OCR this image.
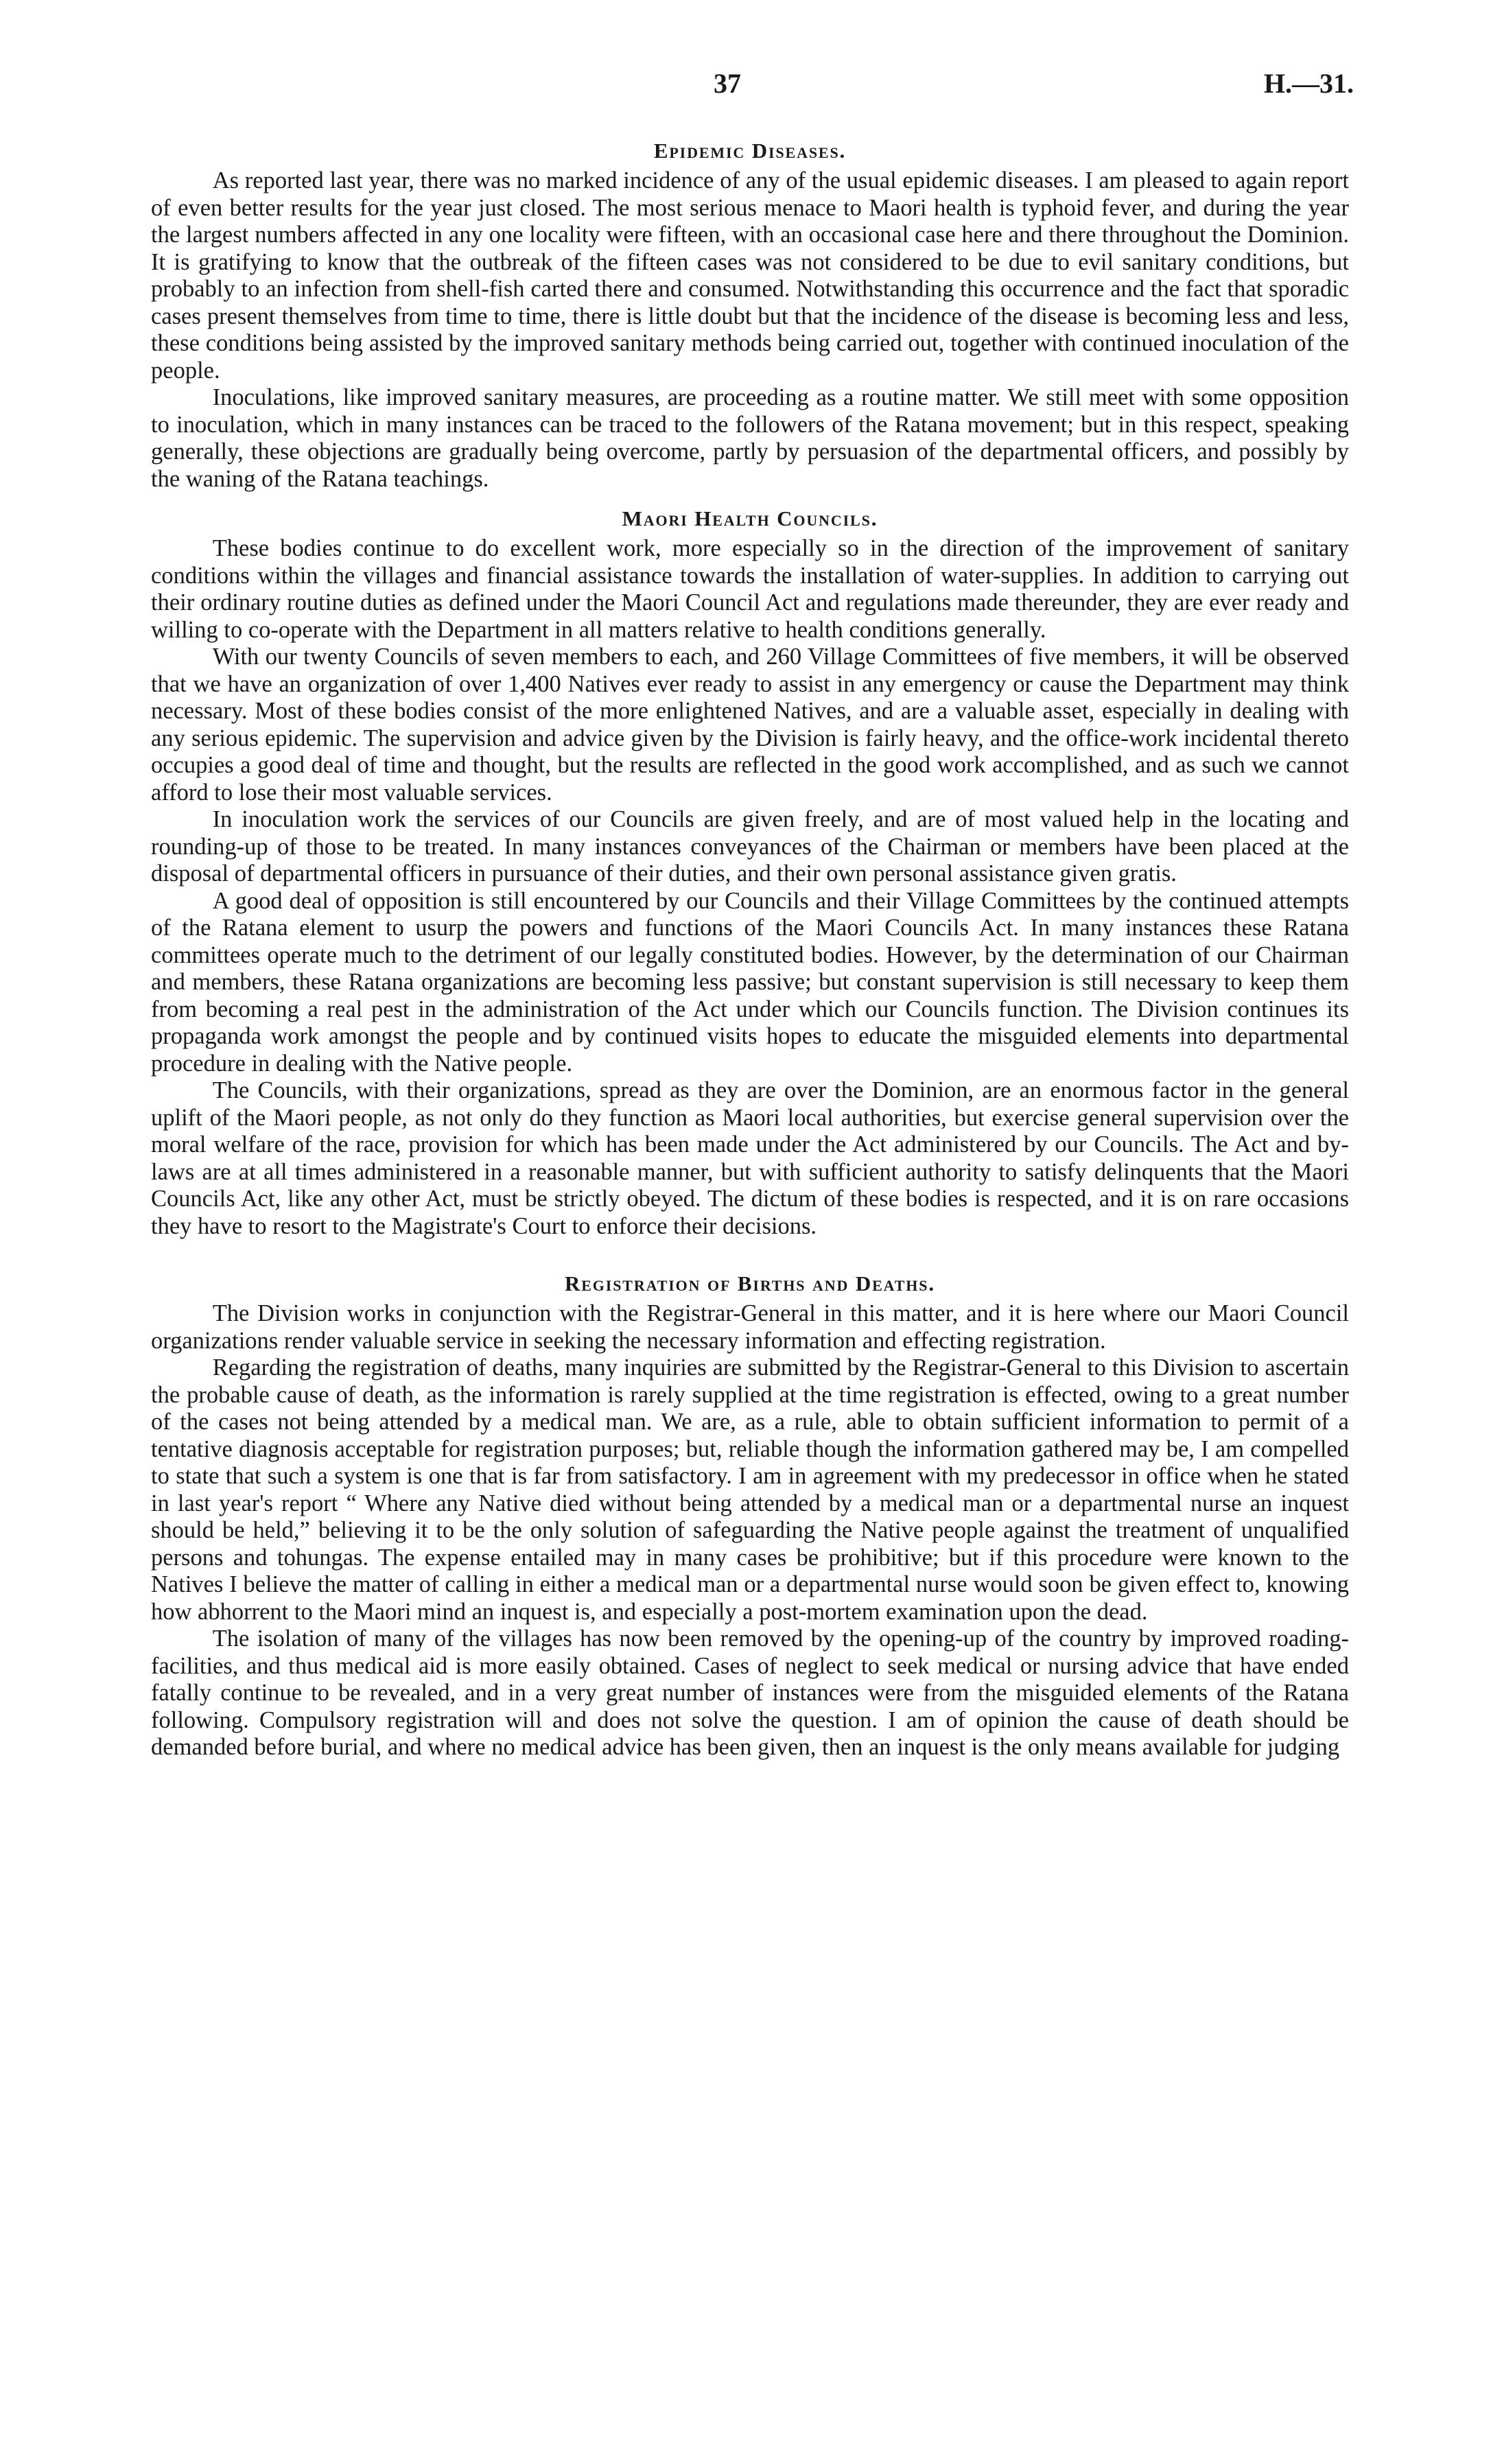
37	H.—31.
Epidemic Diseases.

As reported last year, there was no marked incidence of any of the usual epidemic diseases. I am pleased to again report of even better results for the year just closed. The most serious menace to Maori health is typhoid fever, and during the year the largest numbers affected in any one locality were fifteen, with an occasional case here and there throughout the Dominion. It is gratifying to know that the outbreak of the fifteen cases was not considered to be due to evil sanitary conditions, but probably to an infection from shell-fish carted there and consumed. Notwithstanding this occurrence and the fact that sporadic cases present themselves from time to time, there is little doubt but that the incidence of the disease is becoming less and less, these conditions being assisted by the improved sanitary methods being carried out, together with continued inoculation of the people.

Inoculations, like improved sanitary measures, are proceeding as a routine matter. We still meet with some opposition to inoculation, which in many instances can be traced to the followers of the Ratana movement; but in this respect, speaking generally, these objections are gradually being overcome, partly by persuasion of the departmental officers, and possibly by the waning of the Ratana teachings.

Maori Health Councils.

These bodies continue to do excellent work, more especially so in the direction of the improvement of sanitary conditions within the villages and financial assistance towards the installation of water-supplies. In addition to carrying out their ordinary routine duties as defined under the Maori Council Act and regulations made thereunder, they are ever ready and willing to co-operate with the Department in all matters relative to health conditions generally.

With our twenty Councils of seven members to each, and 260 Village Committees of five members, it will be observed that we have an organization of over 1,400 Natives ever ready to assist in any emergency or cause the Department may think necessary. Most of these bodies consist of the more enlightened Natives, and are a valuable asset, especially in dealing with any serious epidemic. The supervision and advice given by the Division is fairly heavy, and the office-work incidental thereto occupies a good deal of time and thought, but the results are reflected in the good work accomplished, and as such we cannot afford to lose their most valuable services.

In inoculation work the services of our Councils are given freely, and are of most valued help in the locating and rounding-up of those to be treated. In many instances conveyances of the Chairman or members have been placed at the disposal of departmental officers in pursuance of their duties, and their own personal assistance given gratis.

A good deal of opposition is still encountered by our Councils and their Village Committees by the continued attempts of the Ratana element to usurp the powers and functions of the Maori Councils Act. In many instances these Ratana committees operate much to the detriment of our legally constituted bodies. However, by the determination of our Chairman and members, these Ratana organizations are becoming less passive; but constant supervision is still necessary to keep them from becoming a real pest in the administration of the Act under which our Councils function. The Division continues its propaganda work amongst the people and by continued visits hopes to educate the misguided elements into departmental procedure in dealing with the Native people.

The Councils, with their organizations, spread as they are over the Dominion, are an enormous factor in the general uplift of the Maori people, as not only do they function as Maori local authorities, but exercise general supervision over the moral welfare of the race, provision for which has been made under the Act administered by our Councils. The Act and by-laws are at all times administered in a reasonable manner, but with sufficient authority to satisfy delinquents that the Maori Councils Act, like any other Act, must be strictly obeyed. The dictum of these bodies is respected, and it is on rare occasions they have to resort to the Magistrate's Court to enforce their decisions.

Registration of Births and Deaths.

The Division works in conjunction with the Registrar-General in this matter, and it is here where our Maori Council organizations render valuable service in seeking the necessary information and effecting registration.

Regarding the registration of deaths, many inquiries are submitted by the Registrar-General to this Division to ascertain the probable cause of death, as the information is rarely supplied at the time registration is effected, owing to a great number of the cases not being attended by a medical man. We are, as a rule, able to obtain sufficient information to permit of a tentative diagnosis acceptable for registration purposes; but, reliable though the information gathered may be, I am compelled to state that such a system is one that is far from satisfactory. I am in agreement with my predecessor in office when he stated in last year's report “ Where any Native died without being attended by a medical man or a departmental nurse an inquest should be held,” believing it to be the only solution of safeguarding the Native people against the treatment of unqualified persons and tohungas. The expense entailed may in many cases be prohibitive; but if this procedure were known to the Natives I believe the matter of calling in either a medical man or a departmental nurse would soon be given effect to, knowing how abhorrent to the Maori mind an inquest is, and especially a post-mortem examination upon the dead.

The isolation of many of the villages has now been removed by the opening-up of the country by improved roading-facilities, and thus medical aid is more easily obtained. Cases of neglect to seek medical or nursing advice that have ended fatally continue to be revealed, and in a very great number of instances were from the misguided elements of the Ratana following. Compulsory registration will and does not solve the question. I am of opinion the cause of death should be demanded before burial, and where no medical advice has been given, then an inquest is the only means available for judging
